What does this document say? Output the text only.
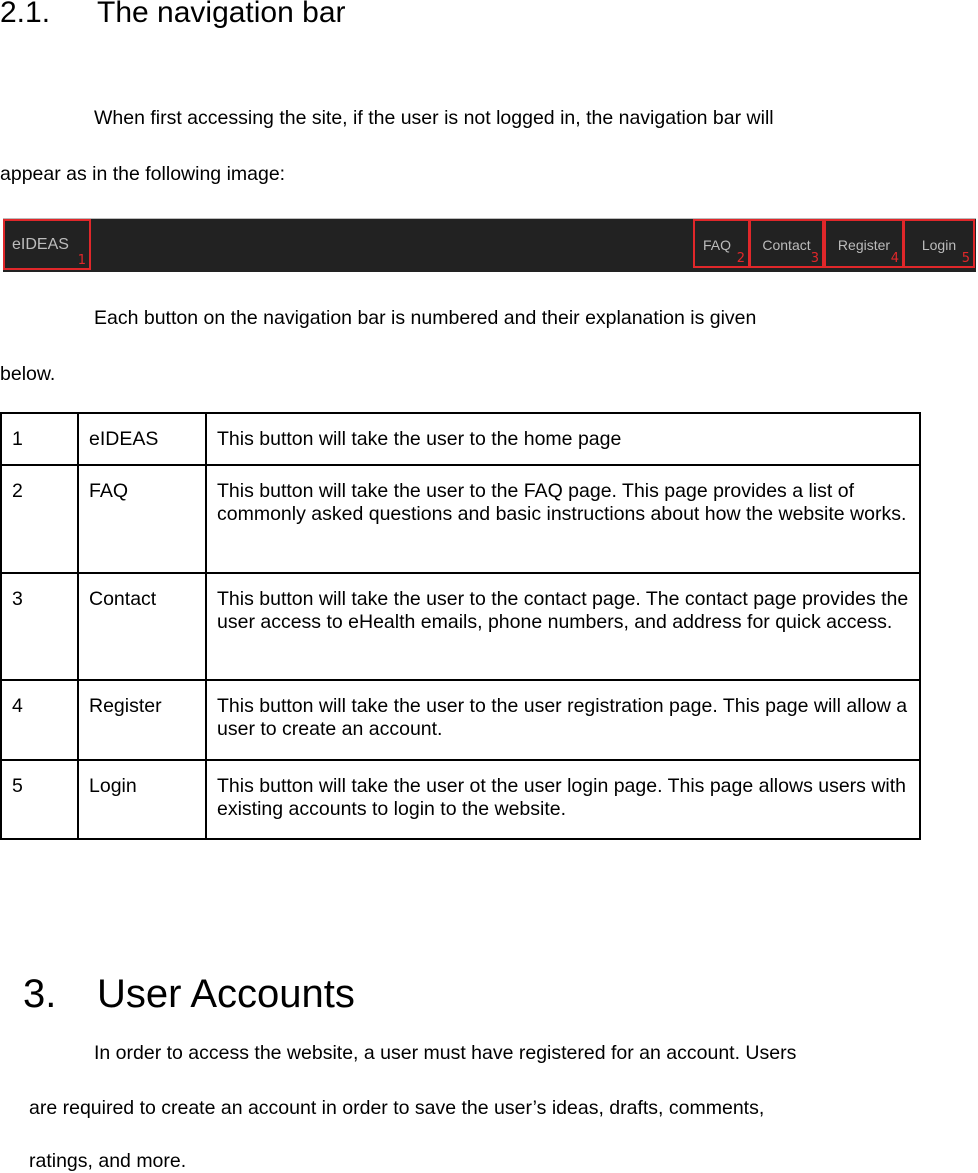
2.1. The navigation bar
When first accessing the site, if the user is not logged in, the navigation bar will
appear as in the following image:
eIDEAS
1
FAQ
2
Contact
3
Register
4
Login
5
Each button on the navigation bar is numbered and their explanation is given
below.
1	eIDEAS	This button will take the user to the home page
2	FAQ	This button will take the user to the FAQ page. This page provides a list of commonly asked questions and basic instructions about how the website works.
3	Contact	This button will take the user to the contact page. The contact page provides the user access to eHealth emails, phone numbers, and address for quick access.
4	Register	This button will take the user to the user registration page. This page will allow a user to create an account.
5	Login	This button will take the user ot the user login page. This page allows users with existing accounts to login to the website.
3. User Accounts
In order to access the website, a user must have registered for an account. Users
are required to create an account in order to save the user’s ideas, drafts, comments,
ratings, and more.
